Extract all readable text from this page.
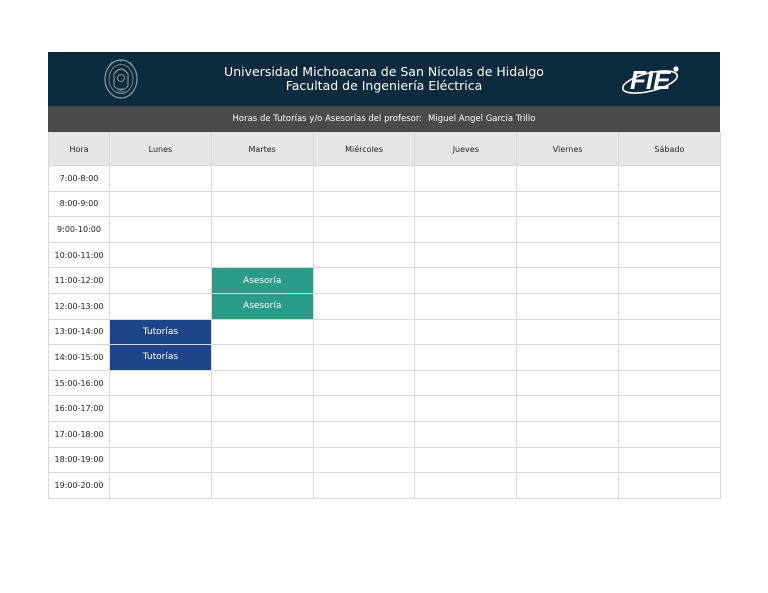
Universidad Michoacana de San Nicolas de Hidalgo
Facultad de Ingeniería Eléctrica	FIE
Horas de Tutorías y/o Asesorías del profesor: Miguel Angel Garcia Trillo
Hora	Lunes	Martes	Miércoles	Jueves	Viernes	Sábado
7:00-8:00						
8:00-9:00						
9:00-10:00						
10:00-11:00						
11:00-12:00		Asesoría				
12:00-13:00		Asesoría				
13:00-14:00	Tutorías					
14:00-15:00	Tutorías					
15:00-16:00						
16:00-17:00						
17:00-18:00						
18:00-19:00						
19:00-20:00						
